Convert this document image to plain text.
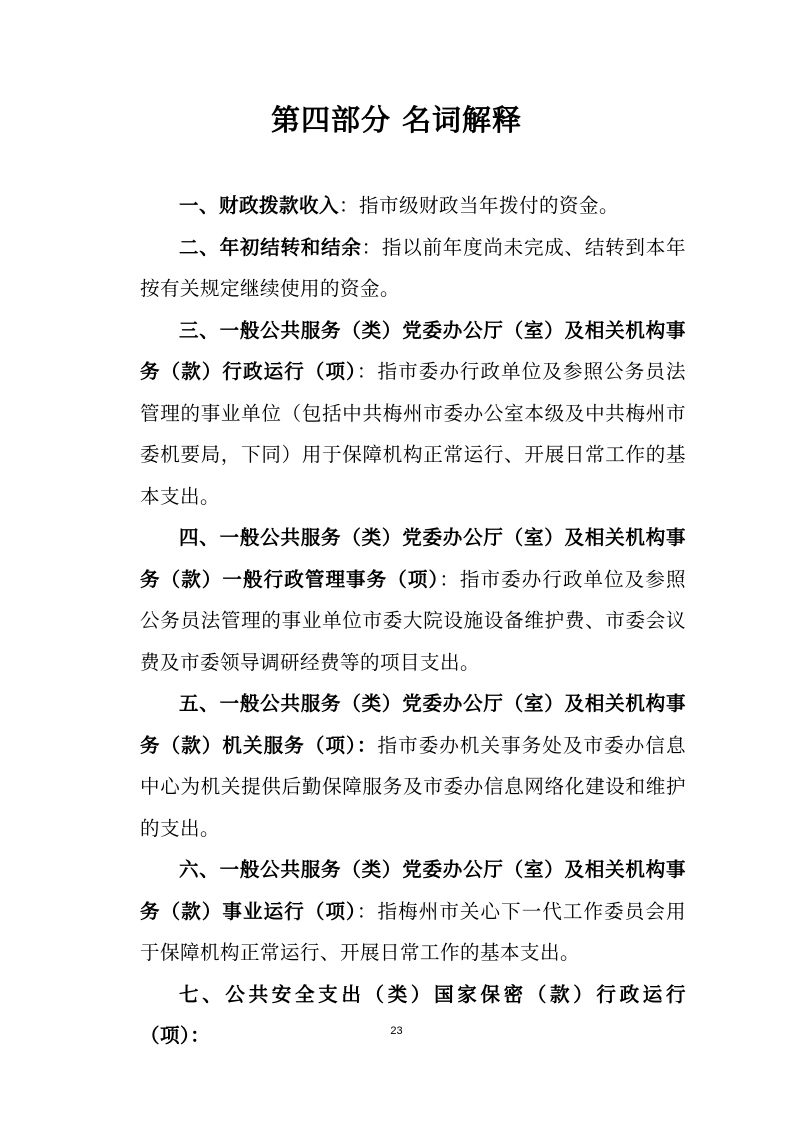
第四部分 名词解释

一、财政拨款收入：指市级财政当年拨付的资金。

二、年初结转和结余：指以前年度尚未完成、结转到本年按有关规定继续使用的资金。

三、一般公共服务（类）党委办公厅（室）及相关机构事务（款）行政运行（项）：指市委办行政单位及参照公务员法管理的事业单位（包括中共梅州市委办公室本级及中共梅州市委机要局，下同）用于保障机构正常运行、开展日常工作的基本支出。

四、一般公共服务（类）党委办公厅（室）及相关机构事务（款）一般行政管理事务（项）：指市委办行政单位及参照公务员法管理的事业单位市委大院设施设备维护费、市委会议费及市委领导调研经费等的项目支出。

五、一般公共服务（类）党委办公厅（室）及相关机构事务（款）机关服务（项）：指市委办机关事务处及市委办信息中心为机关提供后勤保障服务及市委办信息网络化建设和维护的支出。

六、一般公共服务（类）党委办公厅（室）及相关机构事务（款）事业运行（项）：指梅州市关心下一代工作委员会用于保障机构正常运行、开展日常工作的基本支出。

七、公共安全支出（类）国家保密（款）行政运行（项）：	23
